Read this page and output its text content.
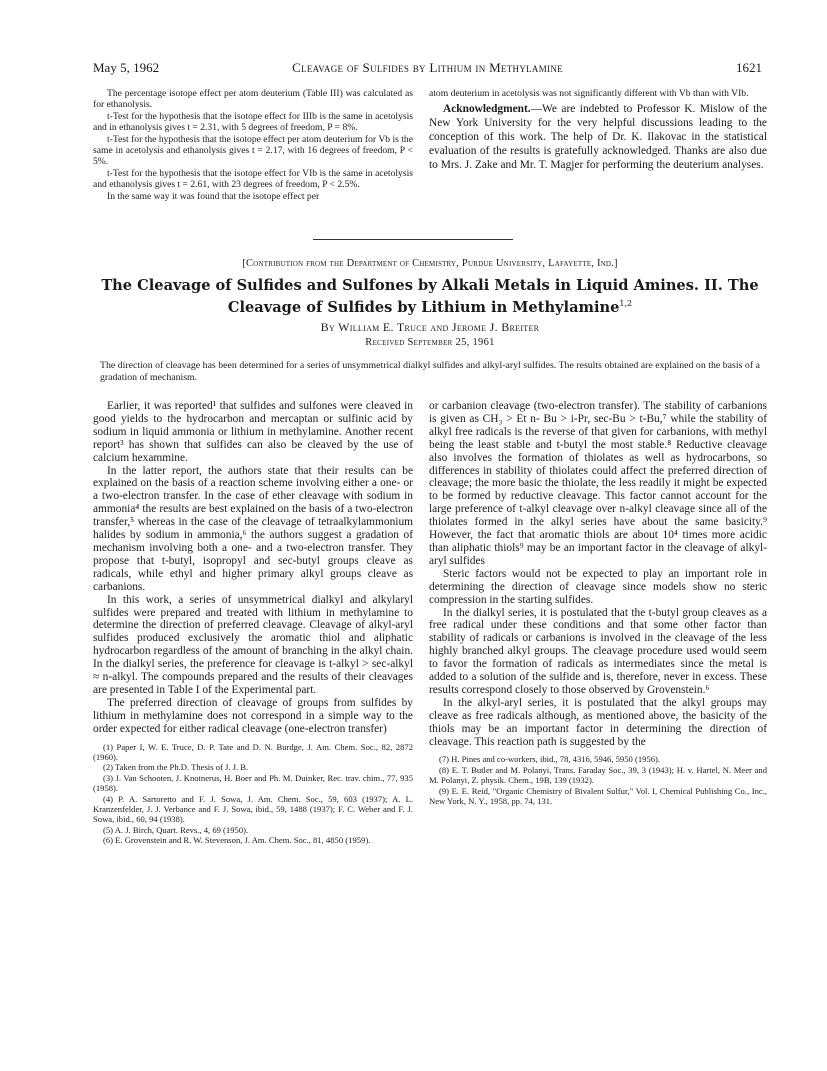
May 5, 1962	Cleavage of Sulfides by Lithium in Methylamine	1621

The percentage isotope effect per atom deuterium (Table III) was calculated as for ethanolysis.

t-Test for the hypothesis that the isotope effect for IIIb is the same in acetolysis and in ethanolysis gives t = 2.31, with 5 degrees of freedom, P = 8%.

t-Test for the hypothesis that the isotope effect per atom deuterium for Vb is the same in acetolysis and ethanolysis gives t = 2.17, with 16 degrees of freedom, P < 5%.

t-Test for the hypothesis that the isotope effect for VIb is the same in acetolysis and ethanolysis gives t = 2.61, with 23 degrees of freedom, P < 2.5%.

In the same way it was found that the isotope effect per

atom deuterium in acetolysis was not significantly different with Vb than with VIb.

Acknowledgment.—We are indebted to Professor K. Mislow of the New York University for the very helpful discussions leading to the conception of this work. The help of Dr. K. Ilakovac in the statistical evaluation of the results is gratefully acknowledged. Thanks are also due to Mrs. J. Zake and Mr. T. Magjer for performing the deuterium analyses.

[Contribution from the Department of Chemistry, Purdue University, Lafayette, Ind.]
The Cleavage of Sulfides and Sulfones by Alkali Metals in Liquid Amines. II. The
Cleavage of Sulfides by Lithium in Methylamine$^{1,2}$
By William E. Truce and Jerome J. Breiter
Received September 25, 1961
The direction of cleavage has been determined for a series of unsymmetrical dialkyl sulfides and alkyl-aryl sulfides. The results obtained are explained on the basis of a gradation of mechanism.

Earlier, it was reported¹ that sulfides and sulfones were cleaved in good yields to the hydrocarbon and mercaptan or sulfinic acid by sodium in liquid ammonia or lithium in methylamine. Another recent report³ has shown that sulfides can also be cleaved by the use of calcium hexammine.

In the latter report, the authors state that their results can be explained on the basis of a reaction scheme involving either a one- or a two-electron transfer. In the case of ether cleavage with sodium in ammonia⁴ the results are best explained on the basis of a two-electron transfer,⁵ whereas in the case of the cleavage of tetraalkylammonium halides by sodium in ammonia,⁶ the authors suggest a gradation of mechanism involving both a one- and a two-electron transfer. They propose that t-butyl, isopropyl and sec-butyl groups cleave as radicals, while ethyl and higher primary alkyl groups cleave as carbanions.

In this work, a series of unsymmetrical dialkyl and alkylaryl sulfides were prepared and treated with lithium in methylamine to determine the direction of preferred cleavage. Cleavage of alkyl-aryl sulfides produced exclusively the aromatic thiol and aliphatic hydrocarbon regardless of the amount of branching in the alkyl chain. In the dialkyl series, the preference for cleavage is t-alkyl > sec-alkyl ≈ n-alkyl. The compounds prepared and the results of their cleavages are presented in Table I of the Experimental part.

The preferred direction of cleavage of groups from sulfides by lithium in methylamine does not correspond in a simple way to the order expected for either radical cleavage (one-electron transfer)

(1) Paper I, W. E. Truce, D. P. Tate and D. N. Burdge, J. Am. Chem. Soc., 82, 2872 (1960).

(2) Taken from the Ph.D. Thesis of J. J. B.

(3) J. Van Schooten, J. Knotnerus, H. Boer and Ph. M. Duinker, Rec. trav. chim., 77, 935 (1958).

(4) P. A. Sartoretto and F. J. Sowa, J. Am. Chem. Soc., 59, 603 (1937); A. L. Kranzenfelder, J. J. Verbance and F. J. Sowa, ibid., 59, 1488 (1937); F. C. Weber and F. J. Sowa, ibid., 60, 94 (1938).

(5) A. J. Birch, Quart. Revs., 4, 69 (1950).

(6) E. Grovenstein and R. W. Stevenson, J. Am. Chem. Soc., 81, 4850 (1959).

or carbanion cleavage (two-electron transfer). The stability of carbanions is given as CH₃ > Et n- Bu > i-Pr, sec-Bu > t-Bu,⁷ while the stability of alkyl free radicals is the reverse of that given for carbanions, with methyl being the least stable and t-butyl the most stable.⁸ Reductive cleavage also involves the formation of thiolates as well as hydrocarbons, so differences in stability of thiolates could affect the preferred direction of cleavage; the more basic the thiolate, the less readily it might be expected to be formed by reductive cleavage. This factor cannot account for the large preference of t-alkyl cleavage over n-alkyl cleavage since all of the thiolates formed in the alkyl series have about the same basicity.⁹ However, the fact that aromatic thiols are about 10⁴ times more acidic than aliphatic thiols⁹ may be an important factor in the cleavage of alkyl-aryl sulfides

Steric factors would not be expected to play an important role in determining the direction of cleavage since models show no steric compression in the starting sulfides.

In the dialkyl series, it is postulated that the t-butyl group cleaves as a free radical under these conditions and that some other factor than stability of radicals or carbanions is involved in the cleavage of the less highly branched alkyl groups. The cleavage procedure used would seem to favor the formation of radicals as intermediates since the metal is added to a solution of the sulfide and is, therefore, never in excess. These results correspond closely to those observed by Grovenstein.⁶

In the alkyl-aryl series, it is postulated that the alkyl groups may cleave as free radicals although, as mentioned above, the basicity of the thiols may be an important factor in determining the direction of cleavage. This reaction path is suggested by the

(7) H. Pines and co-workers, ibid., 78, 4316, 5946, 5950 (1956).

(8) E. T. Butler and M. Polanyi, Trans. Faraday Soc., 39, 3 (1943); H. v. Hartel, N. Meer and M. Polanyi, Z. physik. Chem., 19B, 139 (1932).

(9) E. E. Reid, "Organic Chemistry of Bivalent Sulfur," Vol. I, Chemical Publishing Co., Inc., New York, N. Y., 1958, pp. 74, 131.
